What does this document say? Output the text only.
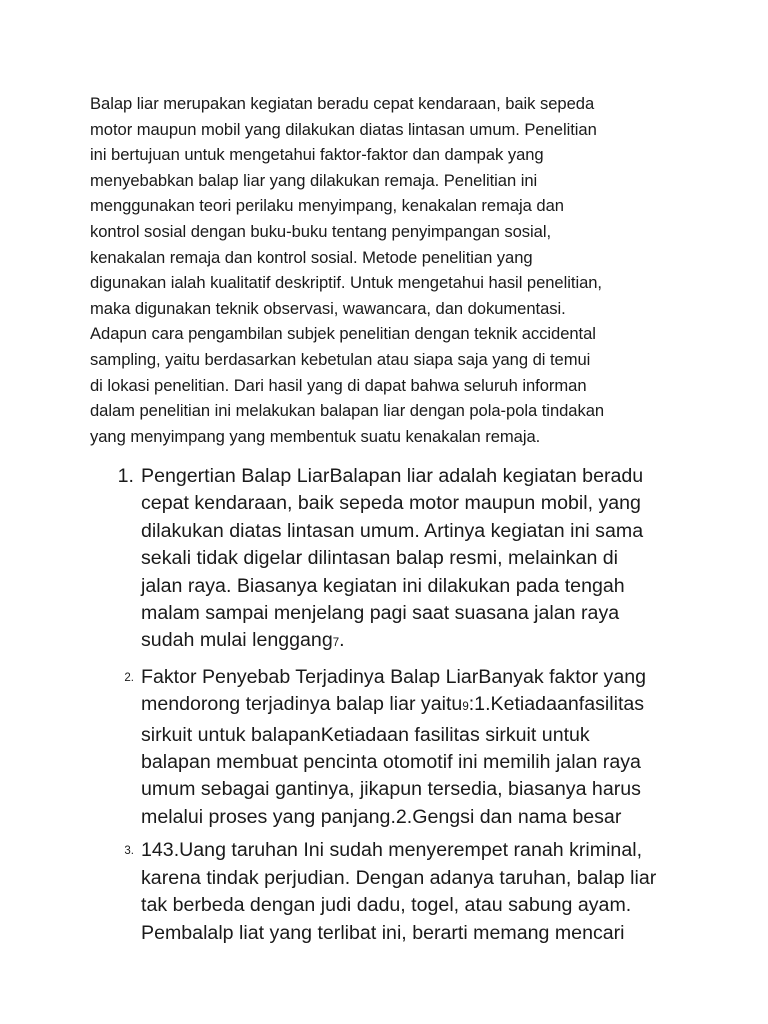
Balap liar merupakan kegiatan beradu cepat kendaraan, baik sepeda
motor maupun mobil yang dilakukan diatas lintasan umum. Penelitian
ini bertujuan untuk mengetahui faktor-faktor dan dampak yang
menyebabkan balap liar yang dilakukan remaja. Penelitian ini
menggunakan teori perilaku menyimpang, kenakalan remaja dan
kontrol sosial dengan buku-buku tentang penyimpangan sosial,
kenakalan remaja dan kontrol sosial. Metode penelitian yang
digunakan ialah kualitatif deskriptif. Untuk mengetahui hasil penelitian,
maka digunakan teknik observasi, wawancara, dan dokumentasi.
Adapun cara pengambilan subjek penelitian dengan teknik accidental
sampling, yaitu berdasarkan kebetulan atau siapa saja yang di temui
di lokasi penelitian. Dari hasil yang di dapat bahwa seluruh informan
dalam penelitian ini melakukan balapan liar dengan pola-pola tindakan
yang menyimpang yang membentuk suatu kenakalan remaja.

1. Pengertian Balap LiarBalapan liar adalah kegiatan beradu
cepat kendaraan, baik sepeda motor maupun mobil, yang
dilakukan diatas lintasan umum. Artinya kegiatan ini sama
sekali tidak digelar dilintasan balap resmi, melainkan di
jalan raya. Biasanya kegiatan ini dilakukan pada tengah
malam sampai menjelang pagi saat suasana jalan raya
sudah mulai lenggang7.
2. Faktor Penyebab Terjadinya Balap LiarBanyak faktor yang
mendorong terjadinya balap liar yaitu9:1.Ketiadaanfasilitas
sirkuit untuk balapanKetiadaan fasilitas sirkuit untuk
balapan membuat pencinta otomotif ini memilih jalan raya
umum sebagai gantinya, jikapun tersedia, biasanya harus
melalui proses yang panjang.2.Gengsi dan nama besar
3. 143.Uang taruhan Ini sudah menyerempet ranah kriminal,
karena tindak perjudian. Dengan adanya taruhan, balap liar
tak berbeda dengan judi dadu, togel, atau sabung ayam.
Pembalalp liat yang terlibat ini, berarti memang mencari
